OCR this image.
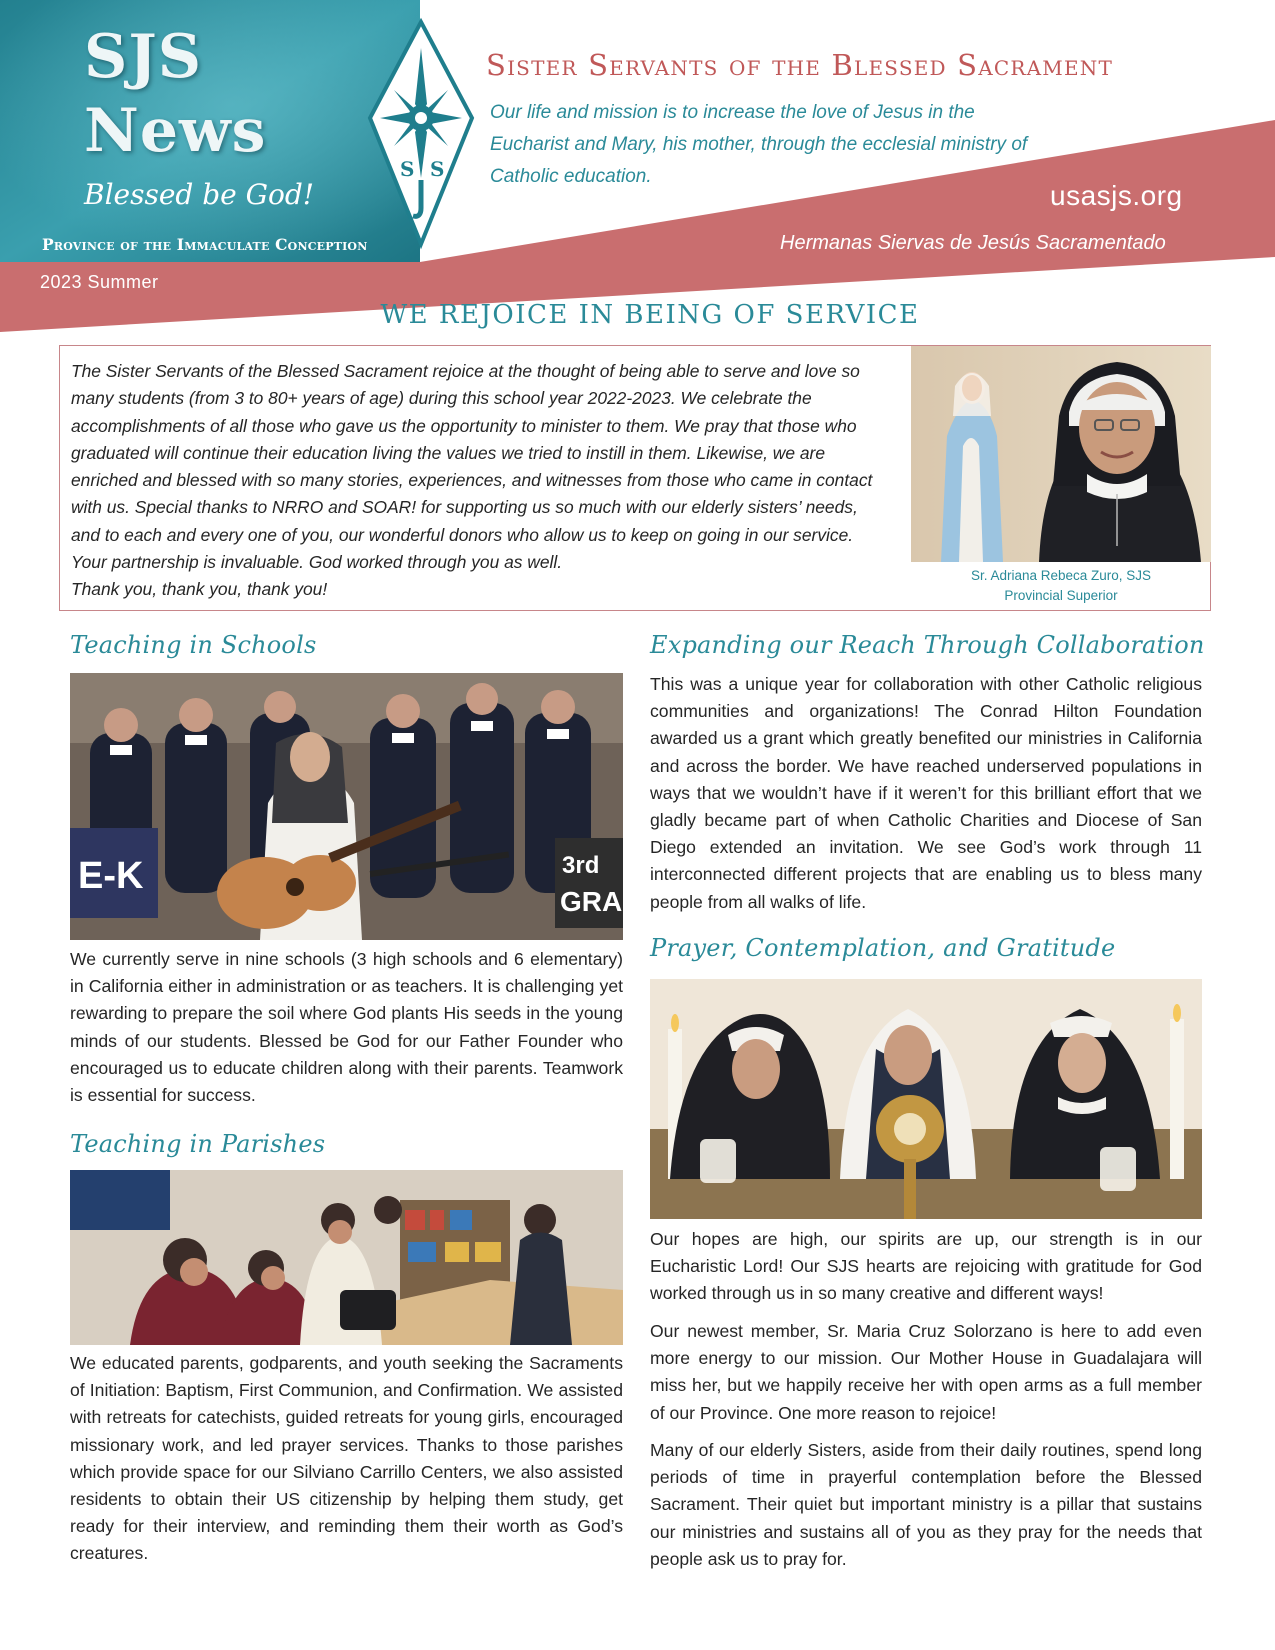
SJS
News
Blessed be God!
Province of the Immaculate Conception
2023 Summer
S S
Sister Servants of the Blessed Sacrament
Our life and mission is to increase the love of Jesus in the Eucharist and Mary, his mother, through the ecclesial ministry of Catholic education.
usasjs.org
Hermanas Siervas de Jesús Sacramentado
WE REJOICE IN BEING OF SERVICE
The Sister Servants of the Blessed Sacrament rejoice at the thought of being able to serve and love so many students (from 3 to 80+ years of age) during this school year 2022-2023. We celebrate the accomplishments of all those who gave us the opportunity to minister to them. We pray that those who graduated will continue their education living the values we tried to instill in them. Likewise, we are enriched and blessed with so many stories, experiences, and witnesses from those who came in contact with us. Special thanks to NRRO and SOAR! for supporting us so much with our elderly sisters’ needs, and to each and every one of you, our wonderful donors who allow us to keep on going in our service. Your partnership is invaluable. God worked through you as well.
Thank you, thank you, thank you!
Sr. Adriana Rebeca Zuro, SJS
Provincial Superior
Teaching in Schools
E-K	3rd
GRAD
We currently serve in nine schools (3 high schools and 6 elementary) in California either in administration or as teachers. It is challenging yet rewarding to prepare the soil where God plants His seeds in the young minds of our students. Blessed be God for our Father Founder who encouraged us to educate children along with their parents. Teamwork is essential for success.
Teaching in Parishes
We educated parents, godparents, and youth seeking the Sacraments of Initiation: Baptism, First Communion, and Confirmation. We assisted with retreats for catechists, guided retreats for young girls, encouraged missionary work, and led prayer services. Thanks to those parishes which provide space for our Silviano Carrillo Centers, we also assisted residents to obtain their US citizenship by helping them study, get ready for their interview, and reminding them their worth as God’s creatures.
Expanding our Reach Through Collaboration
This was a unique year for collaboration with other Catholic religious communities and organizations! The Conrad Hilton Foundation awarded us a grant which greatly benefited our ministries in California and across the border. We have reached underserved populations in ways that we wouldn’t have if it weren’t for this brilliant effort that we gladly became part of when Catholic Charities and Diocese of San Diego extended an invitation. We see God’s work through 11 interconnected different projects that are enabling us to bless many people from all walks of life.
Prayer, Contemplation, and Gratitude
Our hopes are high, our spirits are up, our strength is in our Eucharistic Lord! Our SJS hearts are rejoicing with gratitude for God worked through us in so many creative and different ways!
Our newest member, Sr. Maria Cruz Solorzano is here to add even more energy to our mission. Our Mother House in Guadalajara will miss her, but we happily receive her with open arms as a full member of our Province. One more reason to rejoice!
Many of our elderly Sisters, aside from their daily routines, spend long periods of time in prayerful contemplation before the Blessed Sacrament. Their quiet but important ministry is a pillar that sustains our ministries and sustains all of you as they pray for the needs that people ask us to pray for.
